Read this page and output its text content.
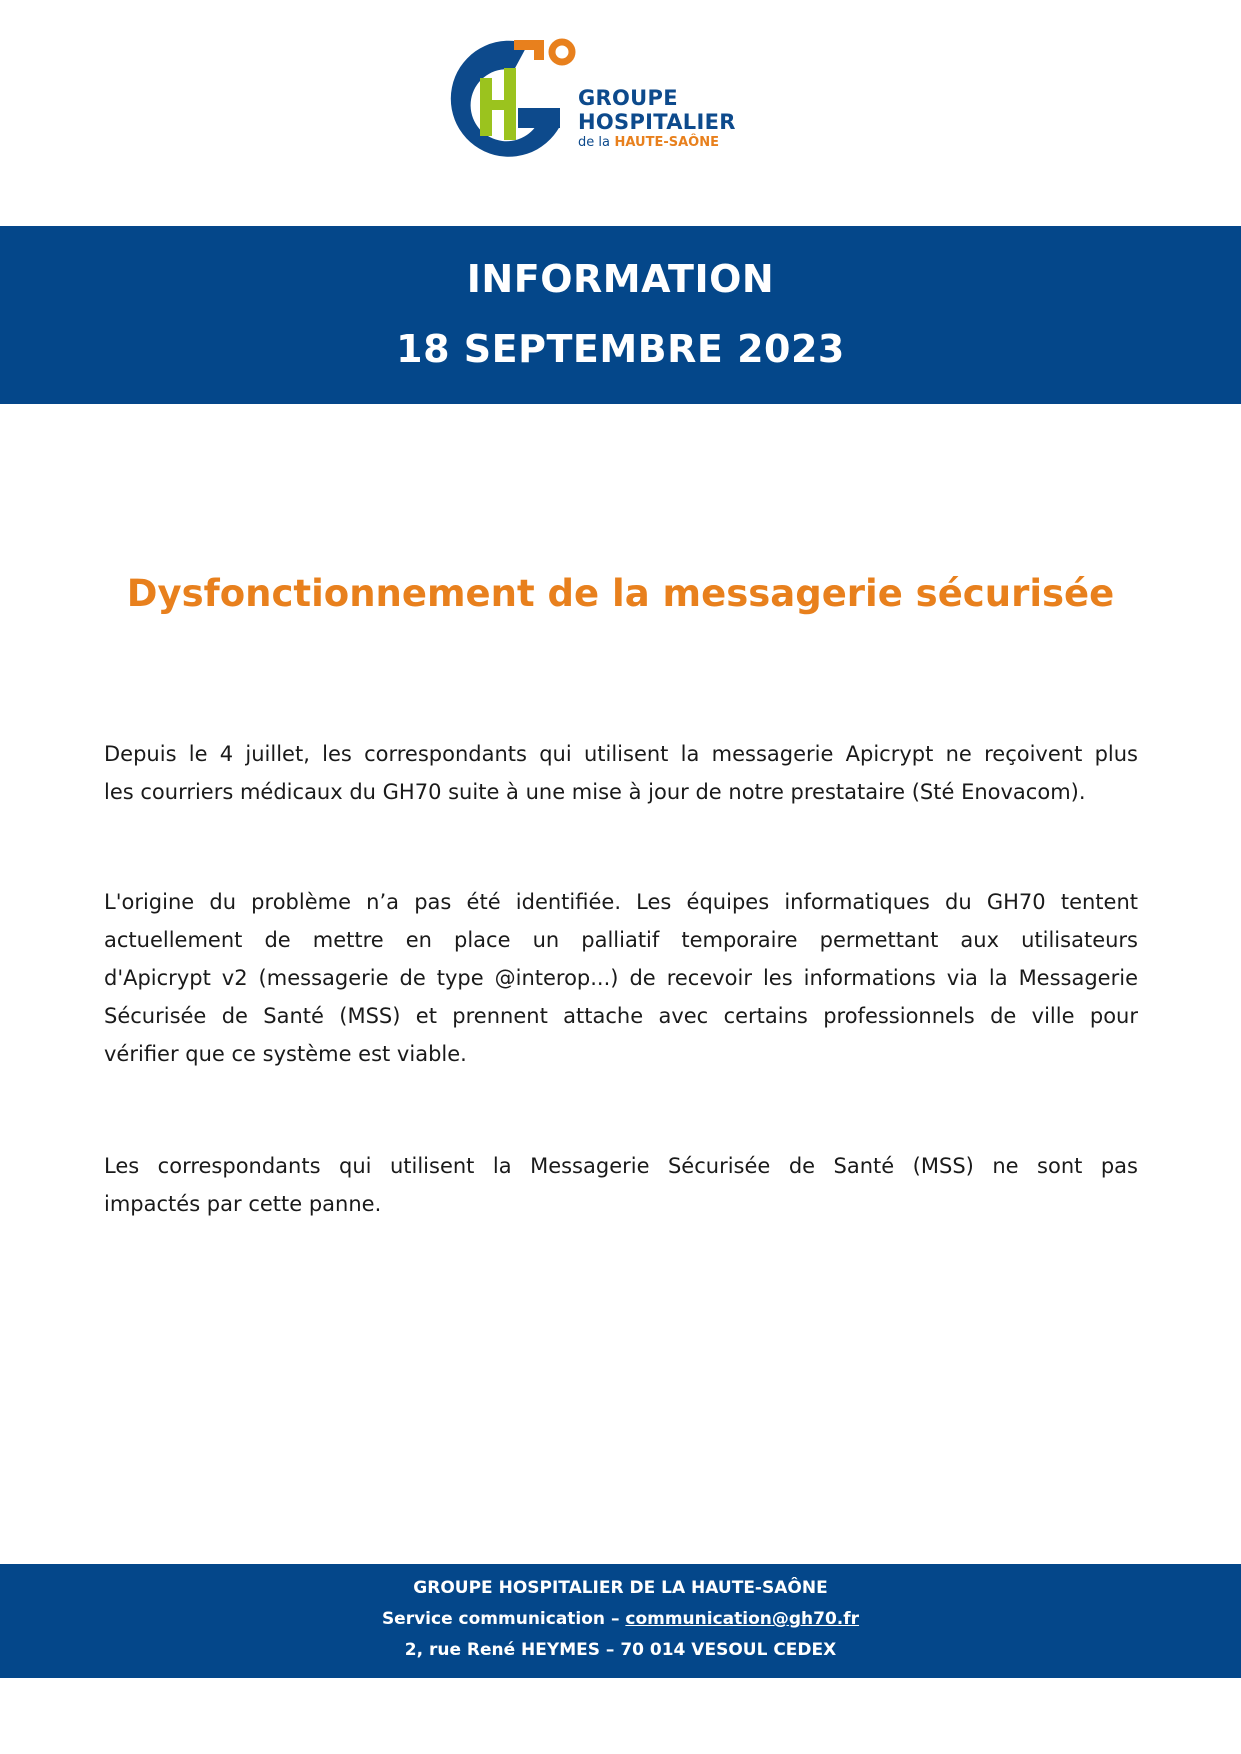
GROUPE
HOSPITALIER
de la HAUTE-SAÔNE
INFORMATION
18 SEPTEMBRE 2023
Dysfonctionnement de la messagerie sécurisée
Depuis le 4 juillet, les correspondants qui utilisent la messagerie Apicrypt ne reçoivent plus
les courriers médicaux du GH70 suite à une mise à jour de notre prestataire (Sté Enovacom).
L'origine du problème n’a pas été identifiée. Les équipes informatiques du GH70 tentent
actuellement de mettre en place un palliatif temporaire permettant aux utilisateurs
d'Apicrypt v2 (messagerie de type @interop...) de recevoir les informations via la Messagerie
Sécurisée de Santé (MSS) et prennent attache avec certains professionnels de ville pour
vérifier que ce système est viable.
Les correspondants qui utilisent la Messagerie Sécurisée de Santé (MSS) ne sont pas
impactés par cette panne.
GROUPE HOSPITALIER DE LA HAUTE-SAÔNE
Service communication – communication@gh70.fr
2, rue René HEYMES – 70 014 VESOUL CEDEX
